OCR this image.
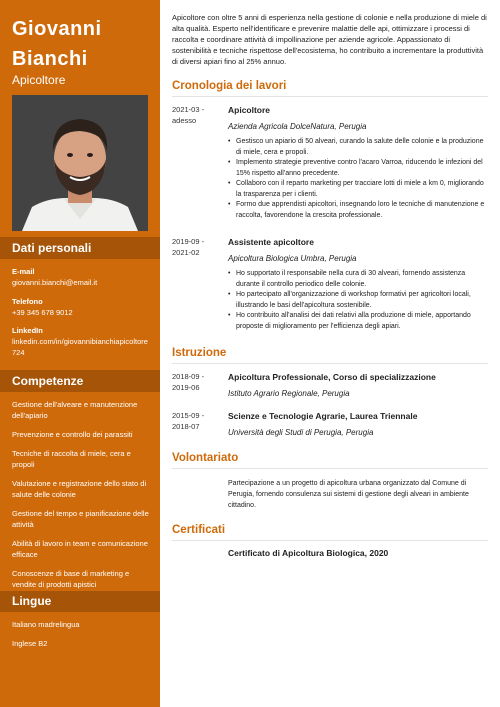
Giovanni Bianchi
Apicoltore
Dati personali
E-mail
giovanni.bianchi@email.it
Telefono
+39 345 678 9012
LinkedIn
linkedin.com/in/giovannibianchiapicoltore724
Competenze
Gestione dell'alveare e manutenzione dell'apiario
Prevenzione e controllo dei parassiti
Tecniche di raccolta di miele, cera e propoli
Valutazione e registrazione dello stato di salute delle colonie
Gestione del tempo e pianificazione delle attività
Abilità di lavoro in team e comunicazione efficace
Conoscenze di base di marketing e vendite di prodotti apistici
Lingue
Italiano madrelingua
Inglese B2

Apicoltore con oltre 5 anni di esperienza nella gestione di colonie e nella produzione di miele di alta qualità. Esperto nell'identificare e prevenire malattie delle api, ottimizzare i processi di raccolta e coordinare attività di impollinazione per aziende agricole. Appassionato di sostenibilità e tecniche rispettose dell'ecosistema, ho contribuito a incrementare la produttività di diversi apiari fino al 25% annuo.

Cronologia dei lavori
2021-03 - adesso
Apicoltore
Azienda Agricola DolceNatura, Perugia
• Gestisco un apiario di 50 alveari, curando la salute delle colonie e la produzione di miele, cera e propoli.
• Implemento strategie preventive contro l'acaro Varroa, riducendo le infezioni del 15% rispetto all'anno precedente.
• Collaboro con il reparto marketing per tracciare lotti di miele a km 0, migliorando la trasparenza per i clienti.
• Formo due apprendisti apicoltori, insegnando loro le tecniche di manutenzione e raccolta, favorendone la crescita professionale.
2019-09 - 2021-02
Assistente apicoltore
Apicoltura Biologica Umbra, Perugia
• Ho supportato il responsabile nella cura di 30 alveari, fornendo assistenza durante il controllo periodico delle colonie.
• Ho partecipato all'organizzazione di workshop formativi per agricoltori locali, illustrando le basi dell'apicoltura sostenibile.
• Ho contribuito all'analisi dei dati relativi alla produzione di miele, apportando proposte di miglioramento per l'efficienza degli apiari.
Istruzione
2018-09 - 2019-06
Apicoltura Professionale, Corso di specializzazione
Istituto Agrario Regionale, Perugia
2015-09 - 2018-07
Scienze e Tecnologie Agrarie, Laurea Triennale
Università degli Studi di Perugia, Perugia
Volontariato

Partecipazione a un progetto di apicoltura urbana organizzato dal Comune di Perugia, fornendo consulenza sui sistemi di gestione degli alveari in ambiente cittadino.

Certificati
Certificato di Apicoltura Biologica, 2020
